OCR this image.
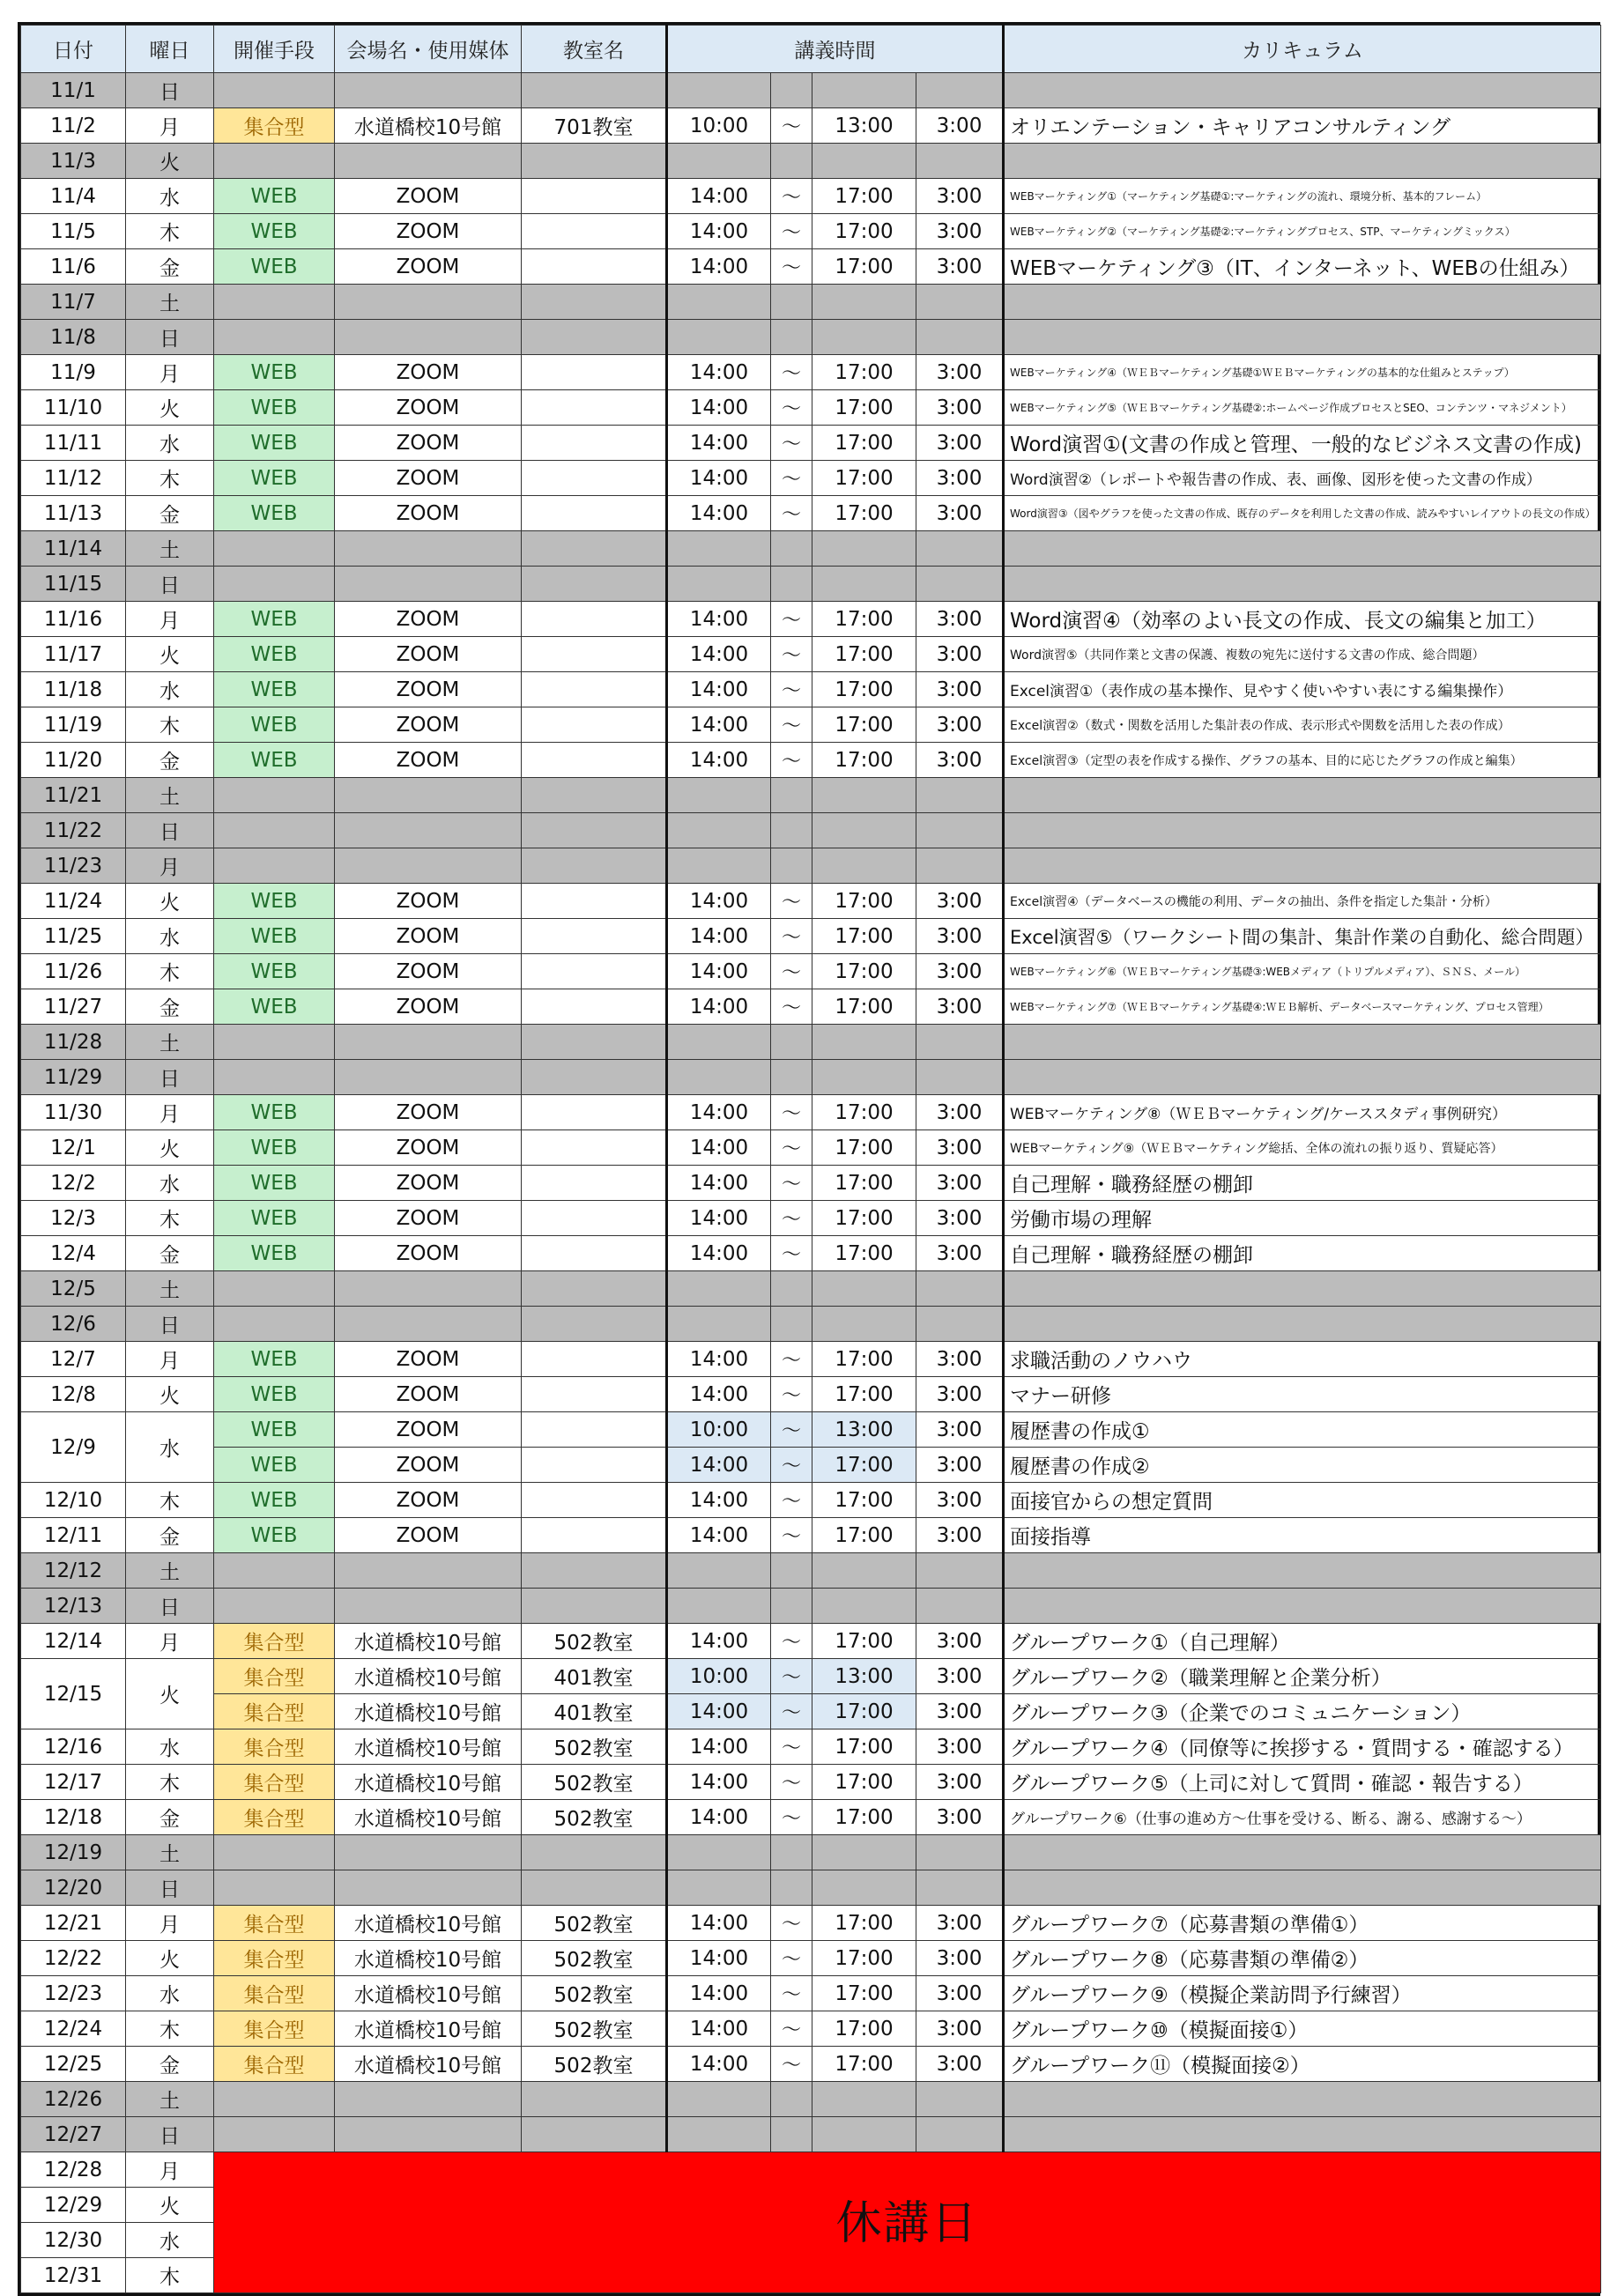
日付	曜日	開催手段	会場名・使用媒体	教室名	講義時間				カリキュラム
11/1	日								
11/2	月	集合型	水道橋校10号館	701教室	10:00	～	13:00	3:00	オリエンテーション・キャリアコンサルティング
11/3	火								
11/4	水	WEB	ZOOM		14:00	～	17:00	3:00	WEBマーケティング①（マーケティング基礎①:マーケティングの流れ、環境分析、基本的フレーム）
11/5	木	WEB	ZOOM		14:00	～	17:00	3:00	WEBマーケティング②（マーケティング基礎②:マーケティングプロセス、STP、マーケティングミックス）
11/6	金	WEB	ZOOM		14:00	～	17:00	3:00	WEBマーケティング③（IT、インターネット、WEBの仕組み）
11/7	土								
11/8	日								
11/9	月	WEB	ZOOM		14:00	～	17:00	3:00	WEBマーケティング④（ＷＥＢマーケティング基礎①ＷＥＢマーケティングの基本的な仕組みとステップ）
11/10	火	WEB	ZOOM		14:00	～	17:00	3:00	WEBマーケティング⑤（ＷＥＢマーケティング基礎②:ホームページ作成プロセスとSEO、コンテンツ・マネジメント）
11/11	水	WEB	ZOOM		14:00	～	17:00	3:00	Word演習①(文書の作成と管理、一般的なビジネス文書の作成)
11/12	木	WEB	ZOOM		14:00	～	17:00	3:00	Word演習②（レポートや報告書の作成、表、画像、図形を使った文書の作成）
11/13	金	WEB	ZOOM		14:00	～	17:00	3:00	Word演習③（図やグラフを使った文書の作成、既存のデータを利用した文書の作成、読みやすいレイアウトの長文の作成）
11/14	土								
11/15	日								
11/16	月	WEB	ZOOM		14:00	～	17:00	3:00	Word演習④（効率のよい長文の作成、長文の編集と加工）
11/17	火	WEB	ZOOM		14:00	～	17:00	3:00	Word演習⑤（共同作業と文書の保護、複数の宛先に送付する文書の作成、総合問題）
11/18	水	WEB	ZOOM		14:00	～	17:00	3:00	Excel演習①（表作成の基本操作、見やすく使いやすい表にする編集操作）
11/19	木	WEB	ZOOM		14:00	～	17:00	3:00	Excel演習②（数式・関数を活用した集計表の作成、表示形式や関数を活用した表の作成）
11/20	金	WEB	ZOOM		14:00	～	17:00	3:00	Excel演習③（定型の表を作成する操作、グラフの基本、目的に応じたグラフの作成と編集）
11/21	土								
11/22	日								
11/23	月								
11/24	火	WEB	ZOOM		14:00	～	17:00	3:00	Excel演習④（データベースの機能の利用、データの抽出、条件を指定した集計・分析）
11/25	水	WEB	ZOOM		14:00	～	17:00	3:00	Excel演習⑤（ワークシート間の集計、集計作業の自動化、総合問題）
11/26	木	WEB	ZOOM		14:00	～	17:00	3:00	WEBマーケティング⑥（ＷＥＢマーケティング基礎③:WEBメディア（トリプルメディア）、ＳＮＳ、メール）
11/27	金	WEB	ZOOM		14:00	～	17:00	3:00	WEBマーケティング⑦（ＷＥＢマーケティング基礎④:ＷＥＢ解析、データベースマーケティング、プロセス管理）
11/28	土								
11/29	日								
11/30	月	WEB	ZOOM		14:00	～	17:00	3:00	WEBマーケティング⑧（ＷＥＢマーケティング/ケーススタディ事例研究）
12/1	火	WEB	ZOOM		14:00	～	17:00	3:00	WEBマーケティング⑨（ＷＥＢマーケティング総括、全体の流れの振り返り、質疑応答）
12/2	水	WEB	ZOOM		14:00	～	17:00	3:00	自己理解・職務経歴の棚卸
12/3	木	WEB	ZOOM		14:00	～	17:00	3:00	労働市場の理解
12/4	金	WEB	ZOOM		14:00	～	17:00	3:00	自己理解・職務経歴の棚卸
12/5	土								
12/6	日								
12/7	月	WEB	ZOOM		14:00	～	17:00	3:00	求職活動のノウハウ
12/8	火	WEB	ZOOM		14:00	～	17:00	3:00	マナー研修
12/9	水	WEB	ZOOM		10:00	～	13:00	3:00	履歴書の作成①
		WEB	ZOOM		14:00	～	17:00	3:00	履歴書の作成②
12/10	木	WEB	ZOOM		14:00	～	17:00	3:00	面接官からの想定質問
12/11	金	WEB	ZOOM		14:00	～	17:00	3:00	面接指導
12/12	土								
12/13	日								
12/14	月	集合型	水道橋校10号館	502教室	14:00	～	17:00	3:00	グループワーク①（自己理解）
12/15	火	集合型	水道橋校10号館	401教室	10:00	～	13:00	3:00	グループワーク②（職業理解と企業分析）
		集合型	水道橋校10号館	401教室	14:00	～	17:00	3:00	グループワーク③（企業でのコミュニケーション）
12/16	水	集合型	水道橋校10号館	502教室	14:00	～	17:00	3:00	グループワーク④（同僚等に挨拶する・質問する・確認する）
12/17	木	集合型	水道橋校10号館	502教室	14:00	～	17:00	3:00	グループワーク⑤（上司に対して質問・確認・報告する）
12/18	金	集合型	水道橋校10号館	502教室	14:00	～	17:00	3:00	グループワーク⑥（仕事の進め方～仕事を受ける、断る、謝る、感謝する～）
12/19	土								
12/20	日								
12/21	月	集合型	水道橋校10号館	502教室	14:00	～	17:00	3:00	グループワーク⑦（応募書類の準備①）
12/22	火	集合型	水道橋校10号館	502教室	14:00	～	17:00	3:00	グループワーク⑧（応募書類の準備②）
12/23	水	集合型	水道橋校10号館	502教室	14:00	～	17:00	3:00	グループワーク⑨（模擬企業訪問予行練習）
12/24	木	集合型	水道橋校10号館	502教室	14:00	～	17:00	3:00	グループワーク⑩（模擬面接①）
12/25	金	集合型	水道橋校10号館	502教室	14:00	～	17:00	3:00	グループワーク⑪（模擬面接②）
12/26	土								
12/27	日								
12/28	月	休講日							
12/29	火								
12/30	水								
12/31	木								
